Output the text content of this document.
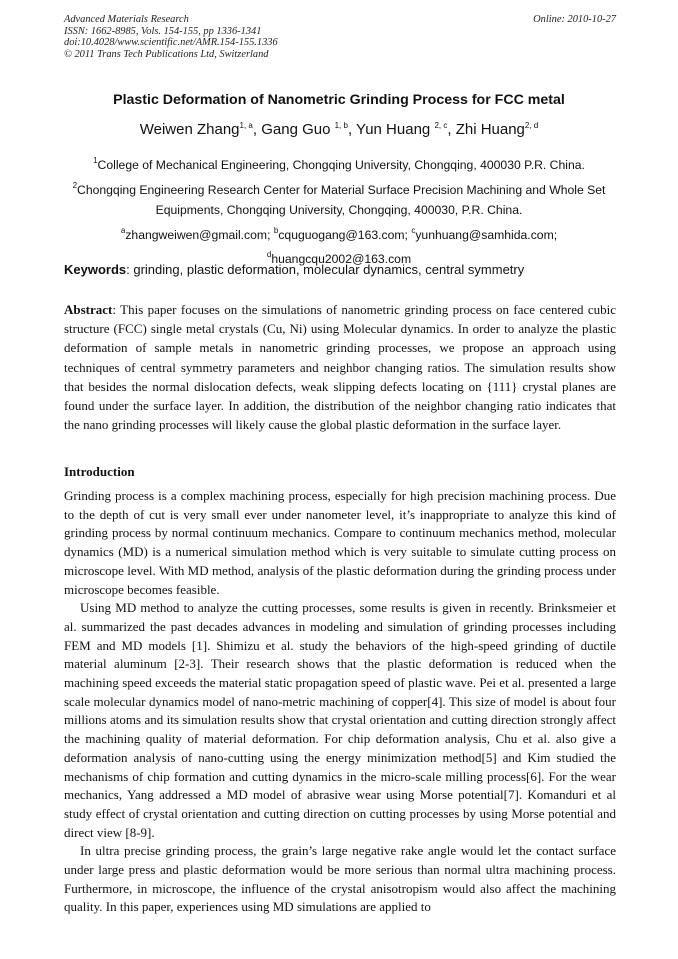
Advanced Materials Research
ISSN: 1662-8985, Vols. 154-155, pp 1336-1341
doi:10.4028/www.scientific.net/AMR.154-155.1336
© 2011 Trans Tech Publications Ltd, Switzerland
Online: 2010-10-27
Plastic Deformation of Nanometric Grinding Process for FCC metal
Weiwen Zhang$^{1, a}$, Gang Guo $^{1, b}$, Yun Huang $^{2, c}$, Zhi Huang$^{2, d}$
$^1$College of Mechanical Engineering, Chongqing University, Chongqing, 400030 P.R. China.
$^2$Chongqing Engineering Research Center for Material Surface Precision Machining and Whole Set Equipments, Chongqing University, Chongqing, 400030, P.R. China.
$^a$zhangweiwen@gmail.com; $^b$cquguogang@163.com; $^c$yunhuang@samhida.com;
$^d$huangcqu2002@163.com
Keywords: grinding, plastic deformation, molecular dynamics, central symmetry
Abstract: This paper focuses on the simulations of nanometric grinding process on face centered cubic structure (FCC) single metal crystals (Cu, Ni) using Molecular dynamics. In order to analyze the plastic deformation of sample metals in nanometric grinding processes, we propose an approach using techniques of central symmetry parameters and neighbor changing ratios. The simulation results show that besides the normal dislocation defects, weak slipping defects locating on {111} crystal planes are found under the surface layer. In addition, the distribution of the neighbor changing ratio indicates that the nano grinding processes will likely cause the global plastic deformation in the surface layer.
Introduction

Grinding process is a complex machining process, especially for high precision machining process. Due to the depth of cut is very small ever under nanometer level, it’s inappropriate to analyze this kind of grinding process by normal continuum mechanics. Compare to continuum mechanics method, molecular dynamics (MD) is a numerical simulation method which is very suitable to simulate cutting process on microscope level. With MD method, analysis of the plastic deformation during the grinding process under microscope becomes feasible.

Using MD method to analyze the cutting processes, some results is given in recently. Brinksmeier et al. summarized the past decades advances in modeling and simulation of grinding processes including FEM and MD models [1]. Shimizu et al. study the behaviors of the high-speed grinding of ductile material aluminum [2-3]. Their research shows that the plastic deformation is reduced when the machining speed exceeds the material static propagation speed of plastic wave. Pei et al. presented a large scale molecular dynamics model of nano-metric machining of copper[4]. This size of model is about four millions atoms and its simulation results show that crystal orientation and cutting direction strongly affect the machining quality of material deformation. For chip deformation analysis, Chu et al. also give a deformation analysis of nano-cutting using the energy minimization method[5] and Kim studied the mechanisms of chip formation and cutting dynamics in the micro-scale milling process[6]. For the wear mechanics, Yang addressed a MD model of abrasive wear using Morse potential[7]. Komanduri et al study effect of crystal orientation and cutting direction on cutting processes by using Morse potential and direct view [8-9].

In ultra precise grinding process, the grain’s large negative rake angle would let the contact surface under large press and plastic deformation would be more serious than normal ultra machining process. Furthermore, in microscope, the influence of the crystal anisotropism would also affect the machining quality. In this paper, experiences using MD simulations are applied to
